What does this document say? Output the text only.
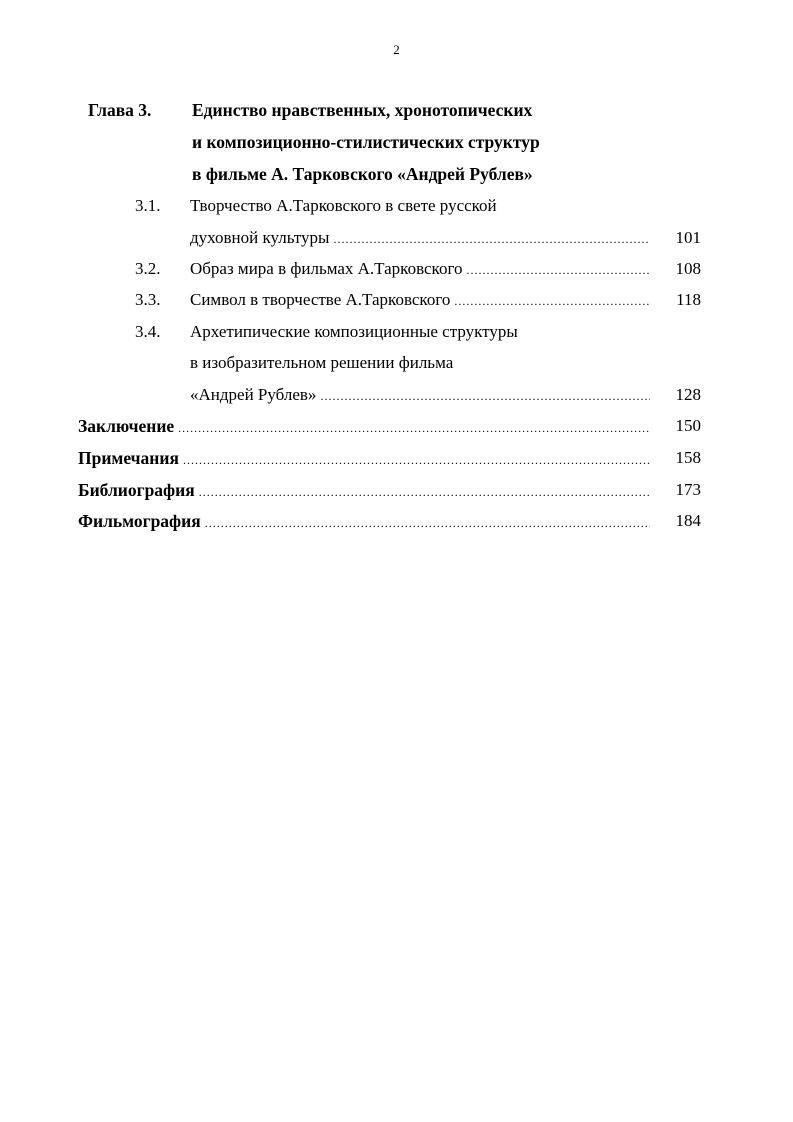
2
Глава 3. Единство нравственных, хронотопических
и композиционно-стилистических структур
в фильме А. Тарковского «Андрей Рублев»
3.1. Творчество А.Тарковского в свете русской
духовной культуры .....	101
3.2. Образ мира в фильмах А.Тарковского .....	108
3.3. Символ в творчестве А.Тарковского .....	118
3.4. Архетипические композиционные структуры
в изобразительном решении фильма
«Андрей Рублев» .....	128
Заключение .....	150
Примечания .....	158
Библиография .....	173
Фильмография .....	184
